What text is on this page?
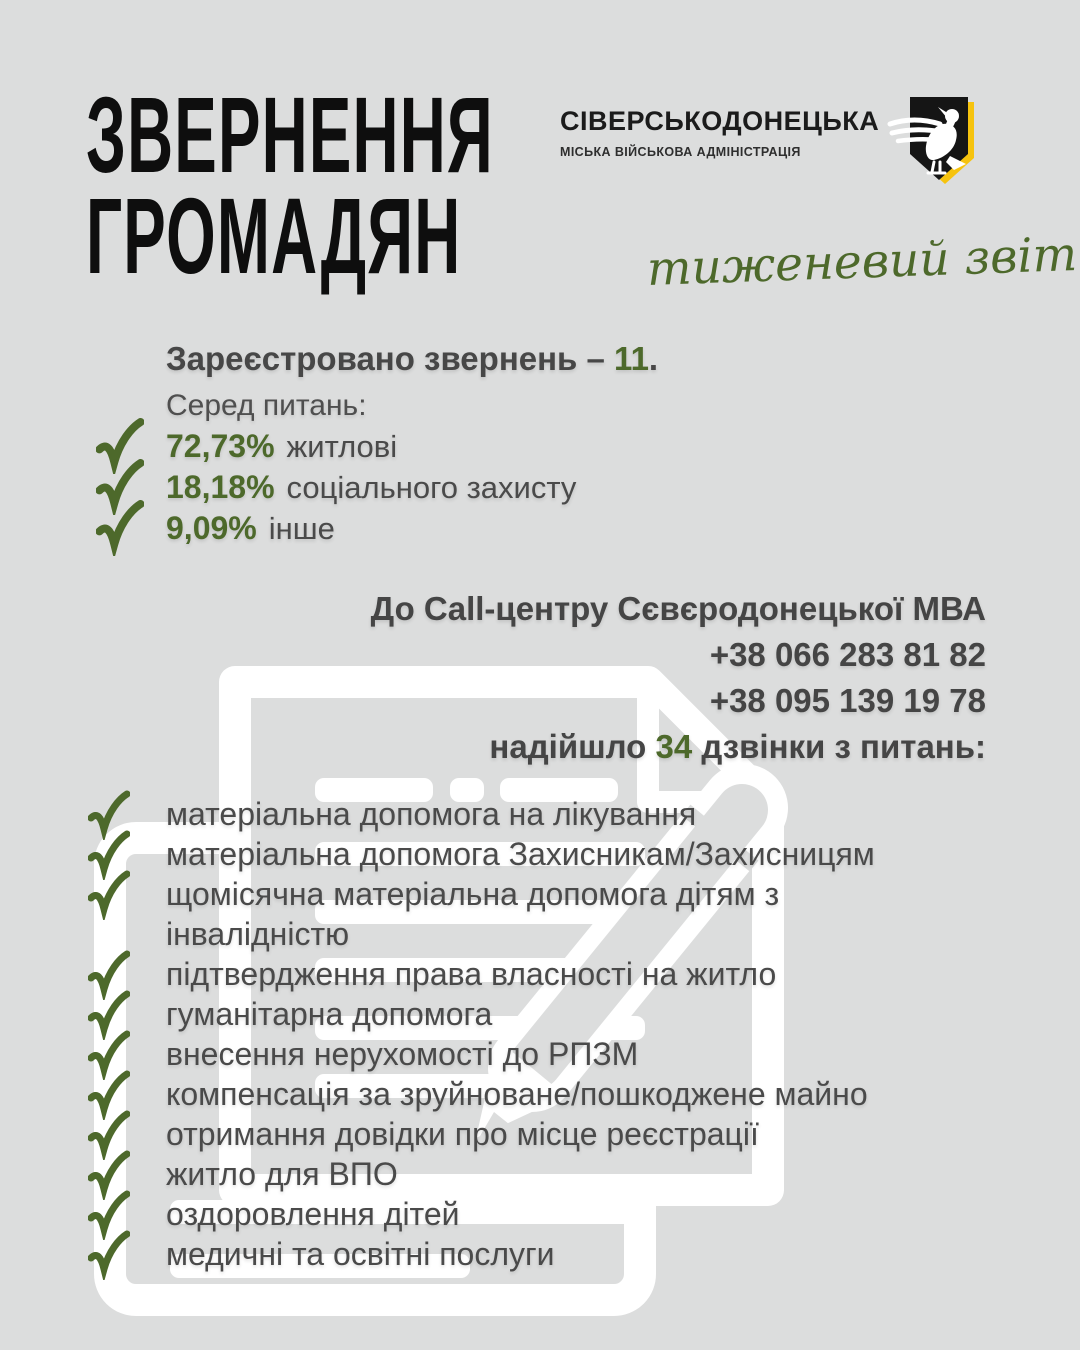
ЗВЕРНЕННЯ
ГРОМАДЯН
СІВЕРСЬКОДОНЕЦЬКА
МІСЬКА ВІЙСЬКОВА АДМІНІСТРАЦІЯ
тиженевий звіт
Зареєстровано звернень – 11.
Серед питань:
72,73% житлові
18,18% соціального захисту
9,09% інше
До Call-центру Сєвєродонецької МВА
+38 066 283 81 82
+38 095 139 19 78
надійшло 34 дзвінки з питань:
матеріальна допомога на лікування
матеріальна допомога Захисникам/Захисницям
щомісячна матеріальна допомога дітям з інвалідністю
підтвердження права власності на житло
гуманітарна допомога
внесення нерухомості до РПЗМ
компенсація за зруйноване/пошкоджене майно
отримання довідки про місце реєстрації
житло для ВПО
оздоровлення дітей
медичні та освітні послуги
